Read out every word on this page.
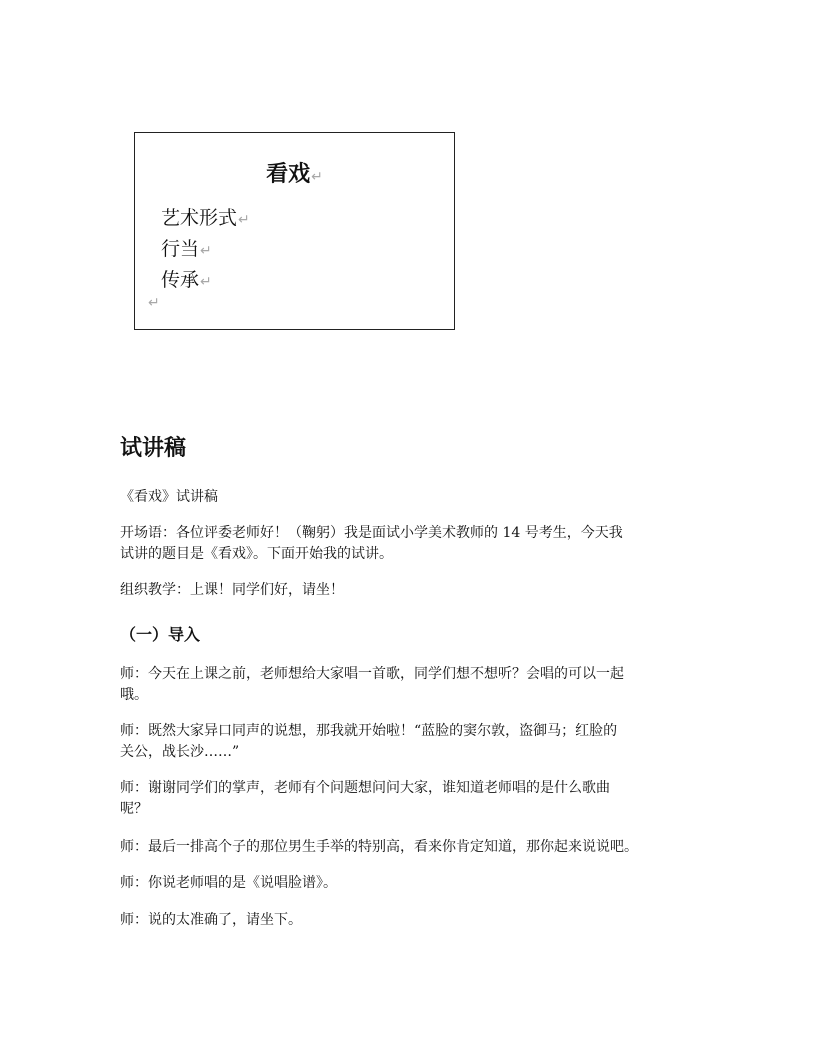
看戏↵
艺术形式↵
行当↵
传承↵
↵
试讲稿
《看戏》试讲稿
开场语：各位评委老师好！（鞠躬）我是面试小学美术教师的 14 号考生，今天我
试讲的题目是《看戏》。下面开始我的试讲。
组织教学：上课！同学们好，请坐！
（一）导入
师：今天在上课之前，老师想给大家唱一首歌，同学们想不想听？会唱的可以一起
哦。
师：既然大家异口同声的说想，那我就开始啦！“蓝脸的窦尔敦，盗御马；红脸的
关公，战长沙……”
师：谢谢同学们的掌声，老师有个问题想问问大家，谁知道老师唱的是什么歌曲
呢？
师：最后一排高个子的那位男生手举的特别高，看来你肯定知道，那你起来说说吧。
师：你说老师唱的是《说唱脸谱》。
师：说的太准确了，请坐下。
